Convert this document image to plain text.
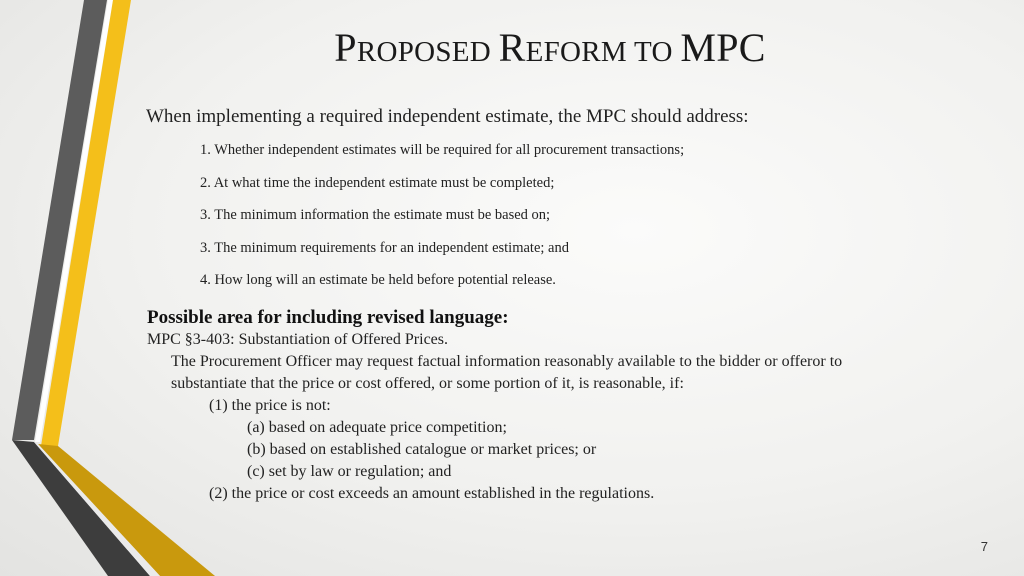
PROPOSED REFORM TO MPC
When implementing a required independent estimate, the MPC should address:
1. Whether independent estimates will be required for all procurement transactions;
2. At what time the independent estimate must be completed;
3. The minimum information the estimate must be based on;
3. The minimum requirements for an independent estimate; and
4. How long will an estimate be held before potential release.
Possible area for including revised language:
MPC §3-403: Substantiation of Offered Prices.
The Procurement Officer may request factual information reasonably available to the bidder or offeror to
substantiate that the price or cost offered, or some portion of it, is reasonable, if:
(1) the price is not:
(a) based on adequate price competition;
(b) based on established catalogue or market prices; or
(c) set by law or regulation; and
(2) the price or cost exceeds an amount established in the regulations.
7
